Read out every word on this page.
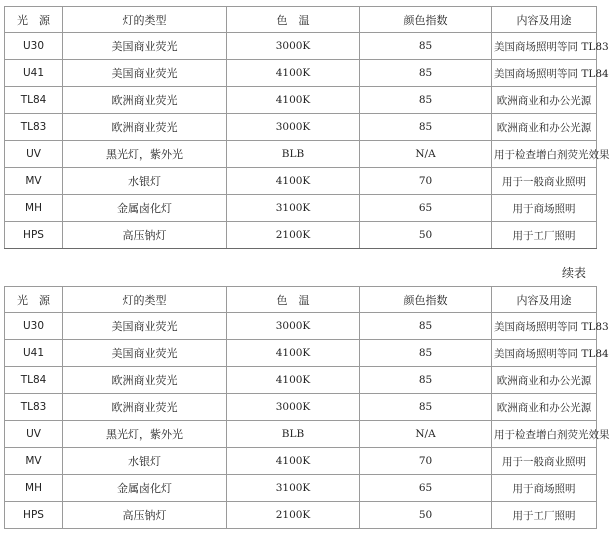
光　源	灯的类型	色　温	颜色指数	内容及用途
U30	美国商业荧光	3000K	85	美国商场照明等同 TL83
U41	美国商业荧光	4100K	85	美国商场照明等同 TL84
TL84	欧洲商业荧光	4100K	85	欧洲商业和办公光源
TL83	欧洲商业荧光	3000K	85	欧洲商业和办公光源
UV	黑光灯，紫外光	BLB	N/A	用于检查增白剂荧光效果
MV	水银灯	4100K	70	用于一般商业照明
MH	金属卤化灯	3100K	65	用于商场照明
HPS	高压钠灯	2100K	50	用于工厂照明
续表
光　源	灯的类型	色　温	颜色指数	内容及用途
U30	美国商业荧光	3000K	85	美国商场照明等同 TL83
U41	美国商业荧光	4100K	85	美国商场照明等同 TL84
TL84	欧洲商业荧光	4100K	85	欧洲商业和办公光源
TL83	欧洲商业荧光	3000K	85	欧洲商业和办公光源
UV	黑光灯，紫外光	BLB	N/A	用于检查增白剂荧光效果
MV	水银灯	4100K	70	用于一般商业照明
MH	金属卤化灯	3100K	65	用于商场照明
HPS	高压钠灯	2100K	50	用于工厂照明
